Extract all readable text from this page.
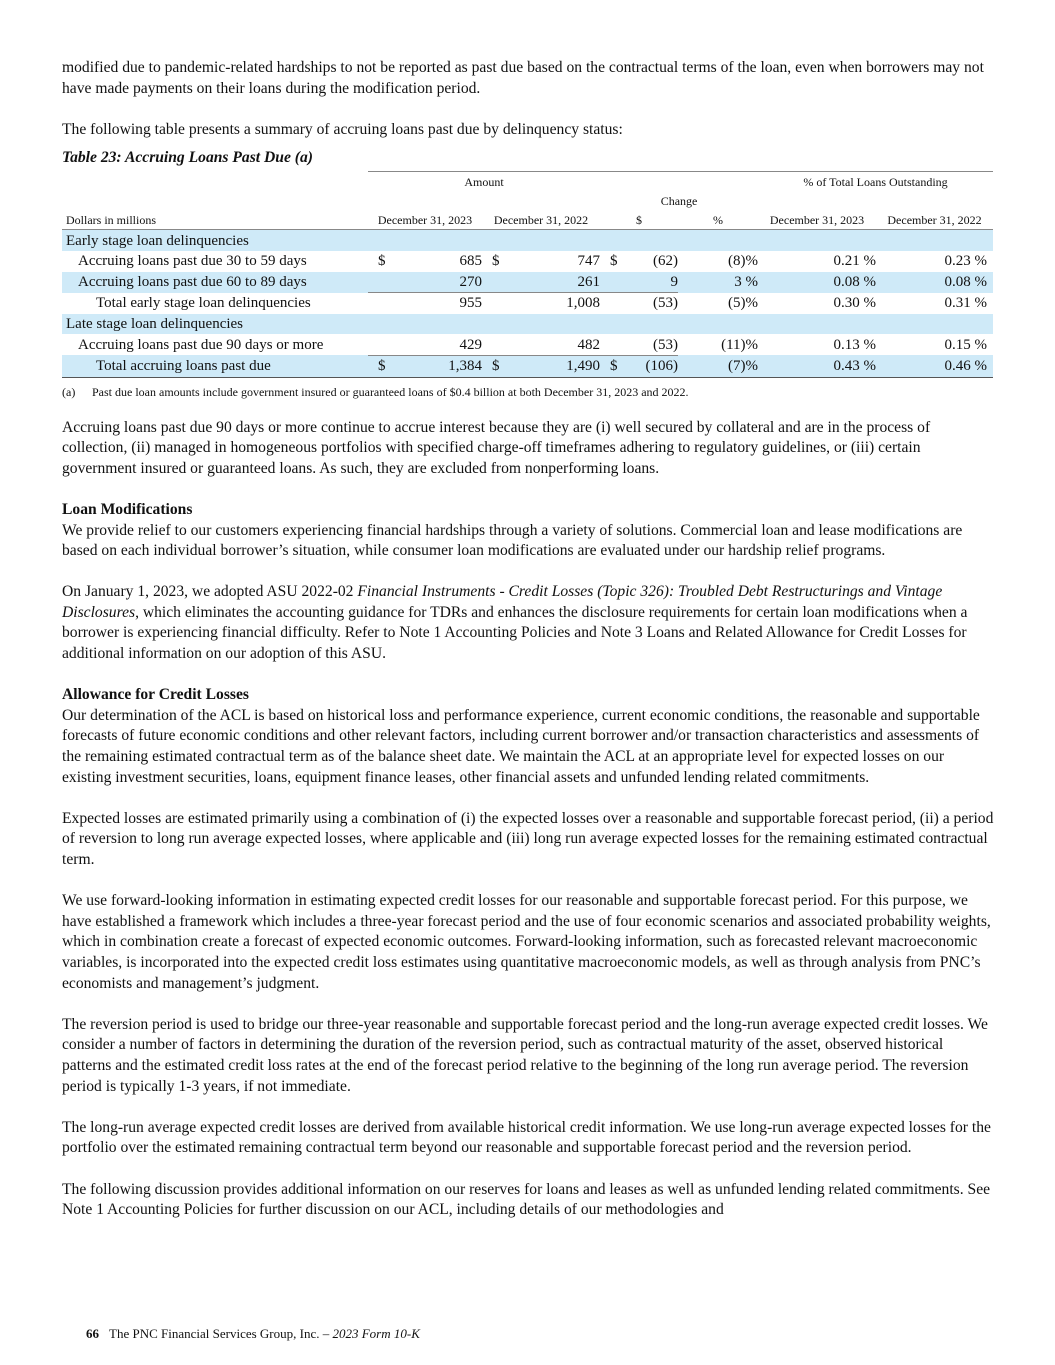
modified due to pandemic-related hardships to not be reported as past due based on the contractual terms of the loan, even when borrowers may not have made payments on their loans during the modification period.

The following table presents a summary of accruing loans past due by delinquency status:

Table 23: Accruing Loans Past Due (a)
	Amount							% of Total Loans Outstanding	
					Change				
Dollars in millions	December 31, 2023		December 31, 2022		$		%	December 31, 2023	December 31, 2022
Early stage loan delinquencies									
Accruing loans past due 30 to 59 days	$	685	$	747	$	(62)	(8)%	0.21 %	0.23 %
Accruing loans past due 60 to 89 days		270		261		9	3 %	0.08 %	0.08 %
Total early stage loan delinquencies		955		1,008		(53)	(5)%	0.30 %	0.31 %
Late stage loan delinquencies									
Accruing loans past due 90 days or more		429		482		(53)	(11)%	0.13 %	0.15 %
Total accruing loans past due	$	1,384	$	1,490	$	(106)	(7)%	0.43 %	0.46 %
(a) Past due loan amounts include government insured or guaranteed loans of $0.4 billion at both December 31, 2023 and 2022.

Accruing loans past due 90 days or more continue to accrue interest because they are (i) well secured by collateral and are in the process of collection, (ii) managed in homogeneous portfolios with specified charge-off timeframes adhering to regulatory guidelines, or (iii) certain government insured or guaranteed loans. As such, they are excluded from nonperforming loans.

Loan Modifications

We provide relief to our customers experiencing financial hardships through a variety of solutions. Commercial loan and lease modifications are based on each individual borrower’s situation, while consumer loan modifications are evaluated under our hardship relief programs.

On January 1, 2023, we adopted ASU 2022-02 Financial Instruments - Credit Losses (Topic 326): Troubled Debt Restructurings and Vintage Disclosures, which eliminates the accounting guidance for TDRs and enhances the disclosure requirements for certain loan modifications when a borrower is experiencing financial difficulty. Refer to Note 1 Accounting Policies and Note 3 Loans and Related Allowance for Credit Losses for additional information on our adoption of this ASU.

Allowance for Credit Losses

Our determination of the ACL is based on historical loss and performance experience, current economic conditions, the reasonable and supportable forecasts of future economic conditions and other relevant factors, including current borrower and/or transaction characteristics and assessments of the remaining estimated contractual term as of the balance sheet date. We maintain the ACL at an appropriate level for expected losses on our existing investment securities, loans, equipment finance leases, other financial assets and unfunded lending related commitments.

Expected losses are estimated primarily using a combination of (i) the expected losses over a reasonable and supportable forecast period, (ii) a period of reversion to long run average expected losses, where applicable and (iii) long run average expected losses for the remaining estimated contractual term.

We use forward-looking information in estimating expected credit losses for our reasonable and supportable forecast period. For this purpose, we have established a framework which includes a three-year forecast period and the use of four economic scenarios and associated probability weights, which in combination create a forecast of expected economic outcomes. Forward-looking information, such as forecasted relevant macroeconomic variables, is incorporated into the expected credit loss estimates using quantitative macroeconomic models, as well as through analysis from PNC’s economists and management’s judgment.

The reversion period is used to bridge our three-year reasonable and supportable forecast period and the long-run average expected credit losses. We consider a number of factors in determining the duration of the reversion period, such as contractual maturity of the asset, observed historical patterns and the estimated credit loss rates at the end of the forecast period relative to the beginning of the long run average period. The reversion period is typically 1-3 years, if not immediate.

The long-run average expected credit losses are derived from available historical credit information. We use long-run average expected losses for the portfolio over the estimated remaining contractual term beyond our reasonable and supportable forecast period and the reversion period.

The following discussion provides additional information on our reserves for loans and leases as well as unfunded lending related commitments. See Note 1 Accounting Policies for further discussion on our ACL, including details of our methodologies and

66 The PNC Financial Services Group, Inc. – 2023 Form 10-K
